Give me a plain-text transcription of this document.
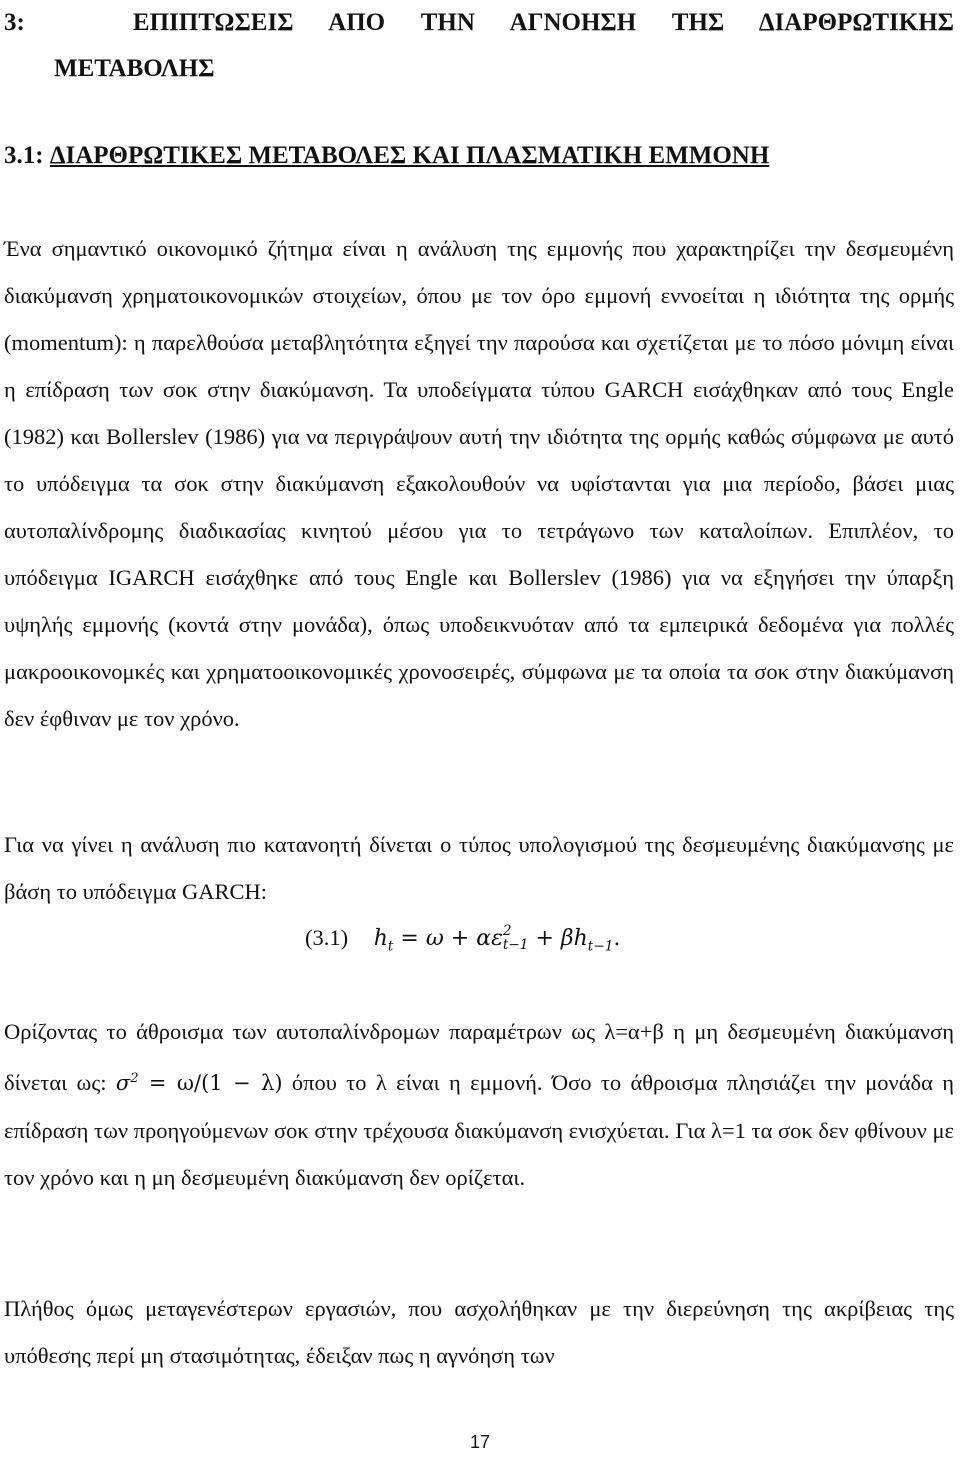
3:	ΕΠΙΠΤΩΣΕΙΣ ΑΠΟ ΤΗΝ ΑΓΝΟΗΣΗ ΤΗΣ ΔΙΑΡΘΡΩΤΙΚΗΣ
ΜΕΤΑΒΟΛΗΣ
3.1: ΔΙΑΡΘΡΩΤΙΚΕΣ ΜΕΤΑΒΟΛΕΣ ΚΑΙ ΠΛΑΣΜΑΤΙΚΗ ΕΜΜΟΝΗ

Ένα σημαντικό οικονομικό ζήτημα είναι η ανάλυση της εμμονής που χαρακτηρίζει την δεσμευμένη διακύμανση χρηματοικονομικών στοιχείων, όπου με τον όρο εμμονή εννοείται η ιδιότητα της ορμής (momentum): η παρελθούσα μεταβλητότητα εξηγεί την παρούσα και σχετίζεται με το πόσο μόνιμη είναι η επίδραση των σοκ στην διακύμανση. Τα υποδείγματα τύπου GARCH εισάχθηκαν από τους Engle (1982) και Bollerslev (1986) για να περιγράψουν αυτή την ιδιότητα της ορμής καθώς σύμφωνα με αυτό το υπόδειγμα τα σοκ στην διακύμανση εξακολουθούν να υφίστανται για μια περίοδο, βάσει μιας αυτοπαλίνδρομης διαδικασίας κινητού μέσου για το τετράγωνο των καταλοίπων. Επιπλέον, το υπόδειγμα IGARCH εισάχθηκε από τους Engle και Bollerslev (1986) για να εξηγήσει την ύπαρξη υψηλής εμμονής (κοντά στην μονάδα), όπως υποδεικνυόταν από τα εμπειρικά δεδομένα για πολλές μακροοικονομκές και χρηματοοικονομικές χρονοσειρές, σύμφωνα με τα οποία τα σοκ στην διακύμανση δεν έφθιναν με τον χρόνο.

Για να γίνει η ανάλυση πιο κατανοητή δίνεται ο τύπος υπολογισμού της δεσμευμένης διακύμανσης με βάση το υπόδειγμα GARCH:

(3.1) $h_t = \omega + \alpha\varepsilon$ 2
$t-1 + \beta h_{t-1}$.

Ορίζοντας το άθροισμα των αυτοπαλίνδρομων παραμέτρων ως λ=α+β η μη δεσμευμένη διακύμανση δίνεται ως: $\sigma^2 = \omega/(1 - \lambda)$ όπου το λ είναι η εμμονή. Όσο το άθροισμα πλησιάζει την μονάδα η επίδραση των προηγούμενων σοκ στην τρέχουσα διακύμανση ενισχύεται. Για λ=1 τα σοκ δεν φθίνουν με τον χρόνο και η μη δεσμευμένη διακύμανση δεν ορίζεται.

Πλήθος όμως μεταγενέστερων εργασιών, που ασχολήθηκαν με την διερεύνηση της ακρίβειας της υπόθεσης περί μη στασιμότητας, έδειξαν πως η αγνόηση των

17
